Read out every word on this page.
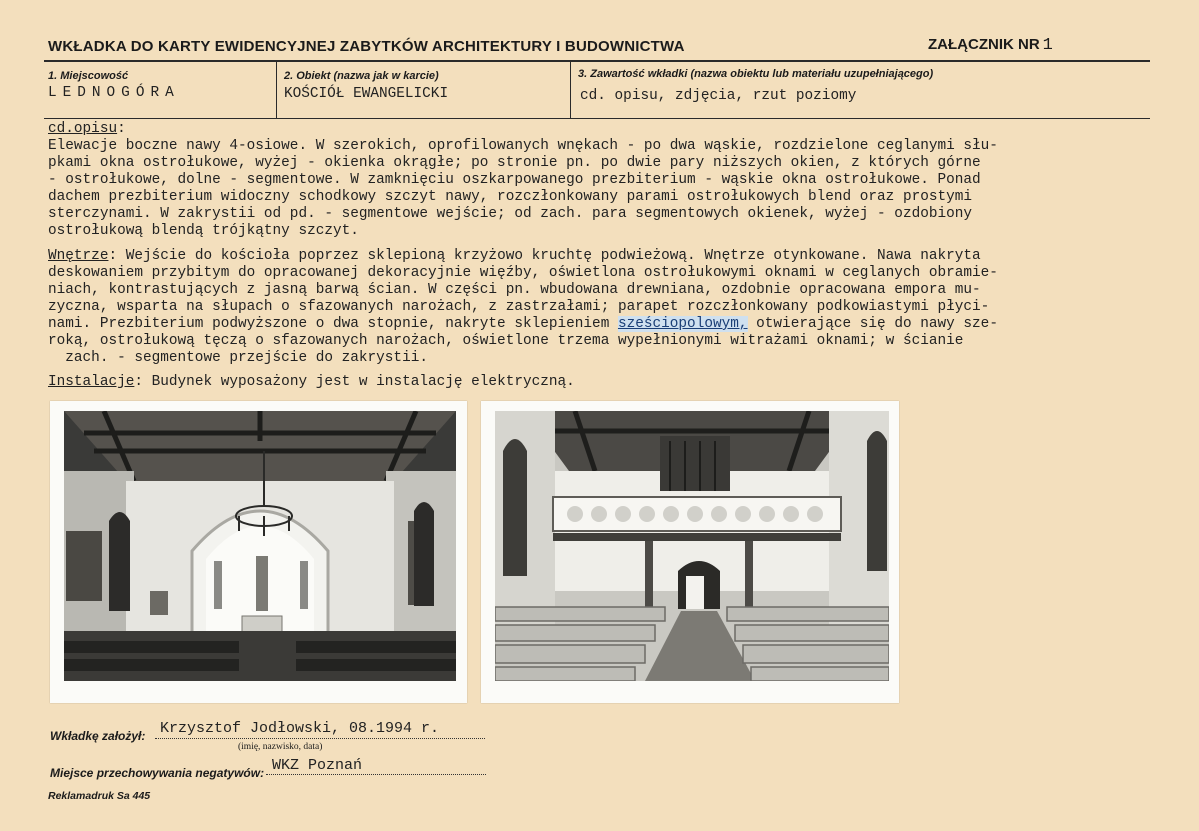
WKŁADKA DO KARTY EWIDENCYJNEJ ZABYTKÓW ARCHITEKTURY I BUDOWNICTWA	ZAŁĄCZNIK NR 1
1. Miejscowość
LEDNOGÓRA
2. Obiekt (nazwa jak w karcie)
KOŚCIÓŁ EWANGELICKI
3. Zawartość wkładki (nazwa obiektu lub materiału uzupełniającego)
cd. opisu, zdjęcia, rzut poziomy
cd.opisu:
Elewacje boczne nawy 4-osiowe. W szerokich, oprofilowanych wnękach - po dwa wąskie, rozdzielone ceglanymi słu-
pkami okna ostrołukowe, wyżej - okienka okrągłe; po stronie pn. po dwie pary niższych okien, z których górne
- ostrołukowe, dolne - segmentowe. W zamknięciu oszkarpowanego prezbiterium - wąskie okna ostrołukowe. Ponad
dachem prezbiterium widoczny schodkowy szczyt nawy, rozczłonkowany parami ostrołukowych blend oraz prostymi
sterczynami. W zakrystii od pd. - segmentowe wejście; od zach. para segmentowych okienek, wyżej - ozdobiony
ostrołukową blendą trójkątny szczyt.
Wnętrze: Wejście do kościoła poprzez sklepioną krzyżowo kruchtę podwieżową. Wnętrze otynkowane. Nawa nakryta
deskowaniem przybitym do opracowanej dekoracyjnie więźby, oświetlona ostrołukowymi oknami w ceglanych obramie-
niach, kontrastujących z jasną barwą ścian. W części pn. wbudowana drewniana, ozdobnie opracowana empora mu-
zyczna, wsparta na słupach o sfazowanych narożach, z zastrzałami; parapet rozczłonkowany podkowiastymi płyci-
nami. Prezbiterium podwyższone o dwa stopnie, nakryte sklepieniem sześciopolowym, otwierające się do nawy sze-
roką, ostrołukową tęczą o sfazowanych narożach, oświetlone trzema wypełnionymi witrażami oknami; w ścianie
zach. - segmentowe przejście do zakrystii.
Instalacje: Budynek wyposażony jest w instalację elektryczną.
Wkładkę założył: Krzysztof Jodłowski, 08.1994 r.
(imię, nazwisko, data)
Miejsce przechowywania negatywów: WKZ Poznań
Reklamadruk Sa 445
